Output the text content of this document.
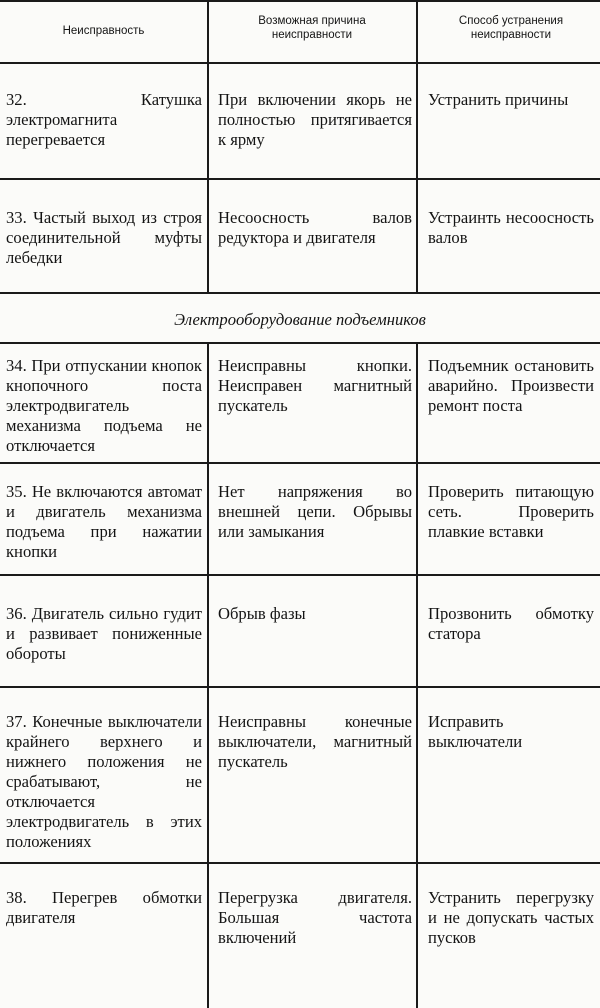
Неисправность
Возможная причина неисправности
Способ устранения неисправности
32. Катушка электромагнита перегревается
При включении якорь не полностью притягивается к ярму
Устранить причины
33. Частый выход из строя соединительной муфты лебедки
Несоосность валов редуктора и двигателя
Устраинть несоосность валов
Электрооборудование подъемников
34. При отпускании кнопок кнопочного поста электродвигатель механизма подъема не отключается
Неисправны кнопки. Неисправен магнитный пускатель
Подъемник остановить аварийно. Произвести ремонт поста
35. Не включаются автомат и двигатель механизма подъема при нажатии кнопки
Нет напряжения во внешней цепи. Обрывы или замыкания
Проверить питающую сеть. Проверить плавкие вставки
36. Двигатель сильно гудит и развивает пониженные обороты
Обрыв фазы	Прозвонить обмотку статора
37. Конечные выключатели крайнего верхнего и нижнего положения не срабатывают, не отключается электродвигатель в этих положениях
Неисправны конечные выключатели, магнитный пускатель
Исправить выключатели
38. Перегрев обмотки двигателя
Перегрузка двигателя. Большая частота включений
Устранить перегрузку и не допускать частых пусков
